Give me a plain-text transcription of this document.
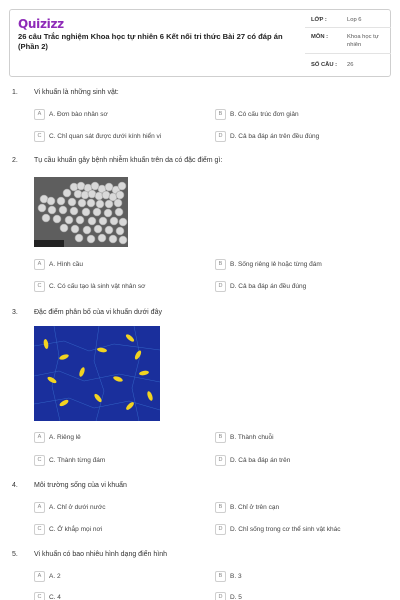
Quizizz
26 câu Trắc nghiệm Khoa học tự nhiên 6 Kết nối tri thức Bài 27 có đáp án (Phần 2)
LỚP :	Lop 6
MÔN :	Khoa học tự nhiên
SỐ CÂU : 26
1. Vi khuẩn là những sinh vật:
A	A. Đơn bào nhân sơ	B	B. Có cấu trúc đơn giản
C	C. Chỉ quan sát được dưới kính hiển vi	D	D. Cả ba đáp án trên đều đúng
2. Tụ cầu khuẩn gây bệnh nhiễm khuẩn trên da có đặc điểm gì:
A	A. Hình cầu	B	B. Sống riêng lẻ hoặc từng đám
C	C. Có cấu tạo là sinh vật nhân sơ	D	D. Cả ba đáp án đều đúng
3. Đặc điểm phân bố của vi khuẩn dưới đây
A	A. Riêng lẻ	B	B. Thành chuỗi
C	C. Thành từng đám	D	D. Cả ba đáp án trên
4. Môi trường sống của vi khuẩn
A	A. Chỉ ở dưới nước	B	B. Chỉ ở trên cạn
C	C. Ở khắp mọi nơi	D	D. Chỉ sống trong cơ thể sinh vật khác
5. Vi khuẩn có bao nhiêu hình dạng điển hình
A	A. 2	B	B. 3
C	C. 4	D	D. 5
